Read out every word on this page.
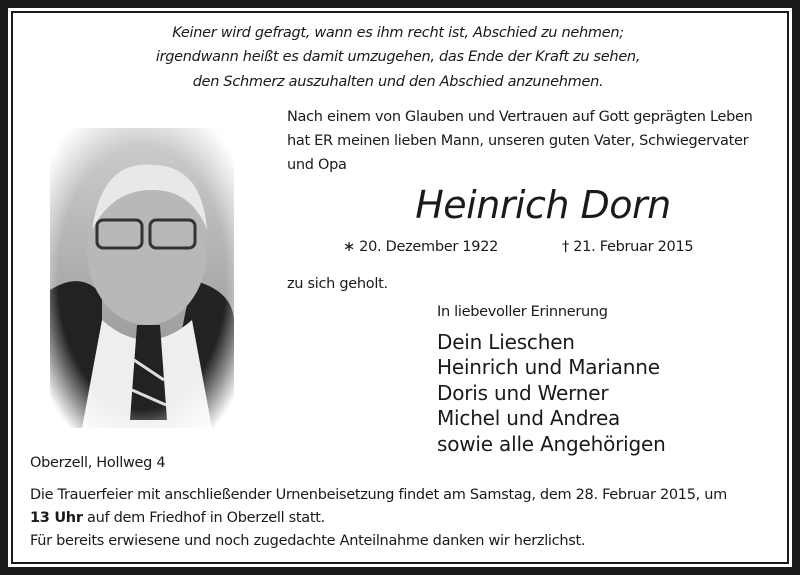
Keiner wird gefragt, wann es ihm recht ist, Abschied zu nehmen;
irgendwann heißt es damit umzugehen, das Ende der Kraft zu sehen,
den Schmerz auszuhalten und den Abschied anzunehmen.
Nach einem von Glauben und Vertrauen auf Gott geprägten Leben
hat ER meinen lieben Mann, unseren guten Vater, Schwiegervater
und Opa
Heinrich Dorn
∗ 20. Dezember 1922	† 21. Februar 2015
zu sich geholt.
In liebevoller Erinnerung
Dein Lieschen
Heinrich und Marianne
Doris und Werner
Michel und Andrea
sowie alle Angehörigen
Oberzell, Hollweg 4
Die Trauerfeier mit anschließender Urnenbeisetzung findet am Samstag, dem 28. Februar 2015, um
13 Uhr auf dem Friedhof in Oberzell statt.
Für bereits erwiesene und noch zugedachte Anteilnahme danken wir herzlichst.
